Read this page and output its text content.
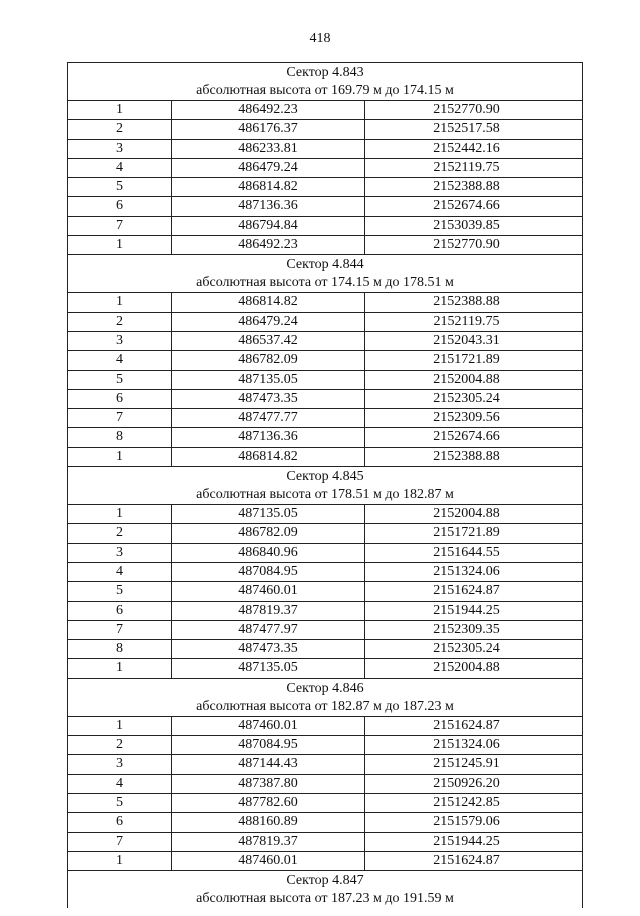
418
Сектор 4.843
абсолютная высота от 169.79 м до 174.15 м
1	486492.23	2152770.90
2	486176.37	2152517.58
3	486233.81	2152442.16
4	486479.24	2152119.75
5	486814.82	2152388.88
6	487136.36	2152674.66
7	486794.84	2153039.85
1	486492.23	2152770.90
Сектор 4.844
абсолютная высота от 174.15 м до 178.51 м
1	486814.82	2152388.88
2	486479.24	2152119.75
3	486537.42	2152043.31
4	486782.09	2151721.89
5	487135.05	2152004.88
6	487473.35	2152305.24
7	487477.77	2152309.56
8	487136.36	2152674.66
1	486814.82	2152388.88
Сектор 4.845
абсолютная высота от 178.51 м до 182.87 м
1	487135.05	2152004.88
2	486782.09	2151721.89
3	486840.96	2151644.55
4	487084.95	2151324.06
5	487460.01	2151624.87
6	487819.37	2151944.25
7	487477.97	2152309.35
8	487473.35	2152305.24
1	487135.05	2152004.88
Сектор 4.846
абсолютная высота от 182.87 м до 187.23 м
1	487460.01	2151624.87
2	487084.95	2151324.06
3	487144.43	2151245.91
4	487387.80	2150926.20
5	487782.60	2151242.85
6	488160.89	2151579.06
7	487819.37	2151944.25
1	487460.01	2151624.87
Сектор 4.847
абсолютная высота от 187.23 м до 191.59 м
